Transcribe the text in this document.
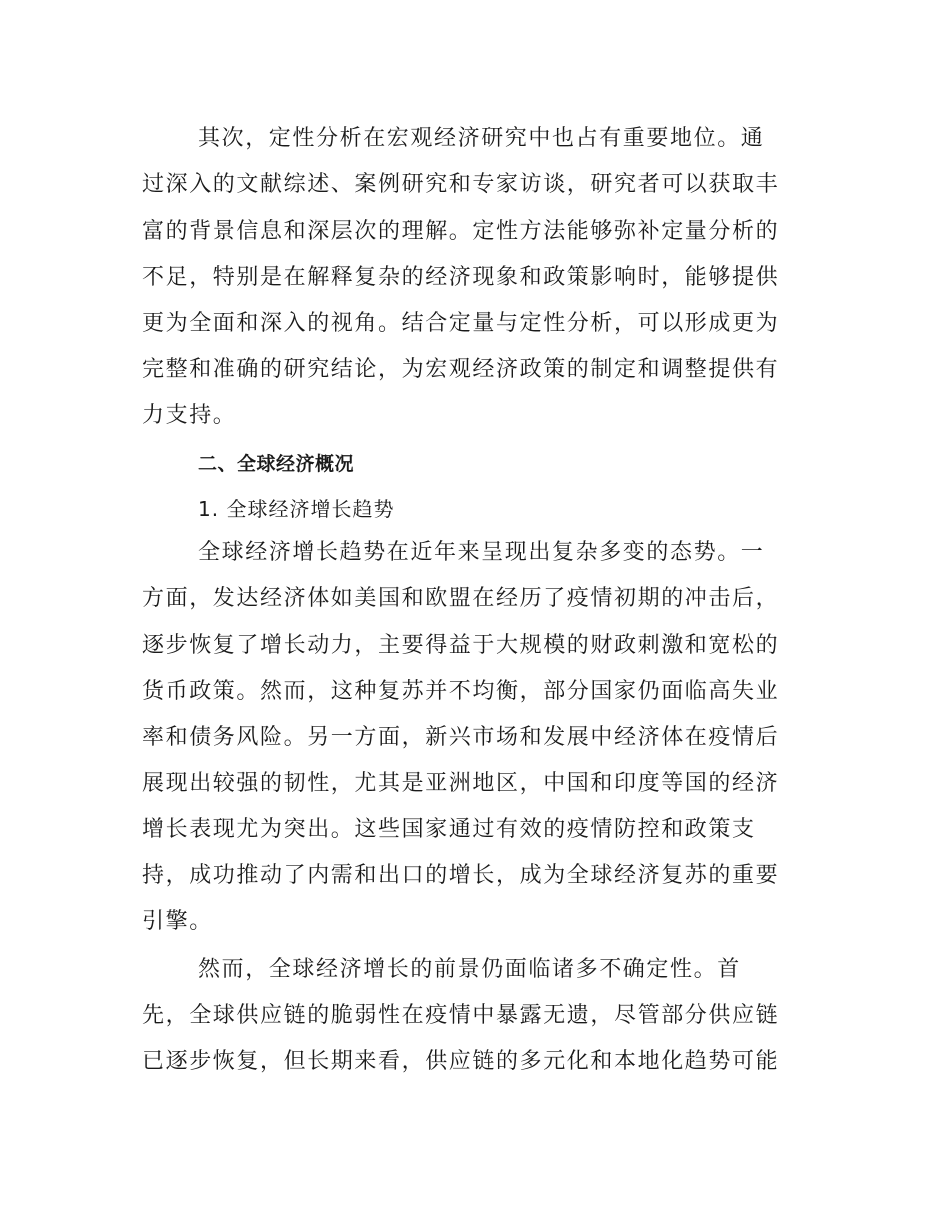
其次，定性分析在宏观经济研究中也占有重要地位。通
过深入的文献综述、案例研究和专家访谈，研究者可以获取丰
富的背景信息和深层次的理解。定性方法能够弥补定量分析的
不足，特别是在解释复杂的经济现象和政策影响时，能够提供
更为全面和深入的视角。结合定量与定性分析，可以形成更为
完整和准确的研究结论，为宏观经济政策的制定和调整提供有
力支持。
二、全球经济概况
1. 全球经济增长趋势
全球经济增长趋势在近年来呈现出复杂多变的态势。一
方面，发达经济体如美国和欧盟在经历了疫情初期的冲击后，
逐步恢复了增长动力，主要得益于大规模的财政刺激和宽松的
货币政策。然而，这种复苏并不均衡，部分国家仍面临高失业
率和债务风险。另一方面，新兴市场和发展中经济体在疫情后
展现出较强的韧性，尤其是亚洲地区，中国和印度等国的经济
增长表现尤为突出。这些国家通过有效的疫情防控和政策支
持，成功推动了内需和出口的增长，成为全球经济复苏的重要
引擎。
然而，全球经济增长的前景仍面临诸多不确定性。首
先，全球供应链的脆弱性在疫情中暴露无遗，尽管部分供应链
已逐步恢复，但长期来看，供应链的多元化和本地化趋势可能
